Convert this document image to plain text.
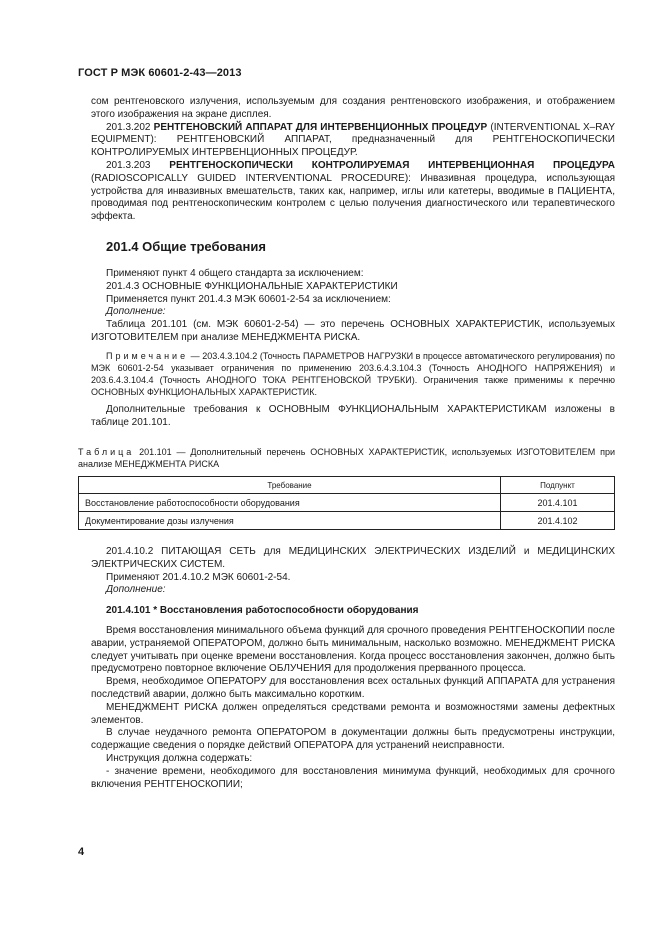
ГОСТ Р МЭК 60601-2-43—2013

сом рентгеновского излучения, используемым для создания рентгеновского изображения, и отображением этого изображения на экране дисплея.

201.3.202 РЕНТГЕНОВСКИЙ АППАРАТ ДЛЯ ИНТЕРВЕНЦИОННЫХ ПРОЦЕДУР (INTERVENTIONAL X–RAY EQUIPMENT): РЕНТГЕНОВСКИЙ АППАРАТ, предназначенный для РЕНТГЕНОСКОПИЧЕСКИ КОНТРОЛИРУЕМЫХ ИНТЕРВЕНЦИОННЫХ ПРОЦЕДУР.

201.3.203 РЕНТГЕНОСКОПИЧЕСКИ КОНТРОЛИРУЕМАЯ ИНТЕРВЕНЦИОННАЯ ПРОЦЕДУРА (RADIOSCOPICALLY GUIDED INTERVENTIONAL PROCEDURE): Инвазивная процедура, использующая устройства для инвазивных вмешательств, таких как, например, иглы или катетеры, вводимые в ПАЦИЕНТА, проводимая под рентгеноскопическим контролем с целью получения диагностического или терапевтического эффекта.

201.4 Общие требования

Применяют пункт 4 общего стандарта за исключением:

201.4.3 ОСНОВНЫЕ ФУНКЦИОНАЛЬНЫЕ ХАРАКТЕРИСТИКИ

Применяется пункт 201.4.3 МЭК 60601-2-54 за исключением:

Дополнение:

Таблица 201.101 (см. МЭК 60601-2-54) — это перечень ОСНОВНЫХ ХАРАКТЕРИСТИК, используемых ИЗГОТОВИТЕЛЕМ при анализе МЕНЕДЖМЕНТА РИСКА.

Примечание — 203.4.3.104.2 (Точность ПАРАМЕТРОВ НАГРУЗКИ в процессе автоматического регулирования) по МЭК 60601-2-54 указывает ограничения по применению 203.6.4.3.104.3 (Точность АНОДНОГО НАПРЯЖЕНИЯ) и 203.6.4.3.104.4 (Точность АНОДНОГО ТОКА РЕНТГЕНОВСКОЙ ТРУБКИ). Ограничения также применимы к перечню ОСНОВНЫХ ФУНКЦИОНАЛЬНЫХ ХАРАКТЕРИСТИК.

Дополнительные требования к ОСНОВНЫМ ФУНКЦИОНАЛЬНЫМ ХАРАКТЕРИСТИКАМ изложены в таблице 201.101.

Таблица 201.101 — Дополнительный перечень ОСНОВНЫХ ХАРАКТЕРИСТИК, используемых ИЗГОТОВИТЕЛЕМ при анализе МЕНЕДЖМЕНТА РИСКА
Требование	Подпункт
Восстановление работоспособности оборудования	201.4.101
Документирование дозы излучения	201.4.102

201.4.10.2 ПИТАЮЩАЯ СЕТЬ для МЕДИЦИНСКИХ ЭЛЕКТРИЧЕСКИХ ИЗДЕЛИЙ и МЕДИЦИНСКИХ ЭЛЕКТРИЧЕСКИХ СИСТЕМ.

Применяют 201.4.10.2 МЭК 60601-2-54.

Дополнение:

201.4.101 * Восстановления работоспособности оборудования

Время восстановления минимального объема функций для срочного проведения РЕНТГЕНОСКОПИИ после аварии, устраняемой ОПЕРАТОРОМ, должно быть минимальным, насколько возможно. МЕНЕДЖМЕНТ РИСКА следует учитывать при оценке времени восстановления. Когда процесс восстановления закончен, должно быть предусмотрено повторное включение ОБЛУЧЕНИЯ для продолжения прерванного процесса.

Время, необходимое ОПЕРАТОРУ для восстановления всех остальных функций АППАРАТА для устранения последствий аварии, должно быть максимально коротким.

МЕНЕДЖМЕНТ РИСКА должен определяться средствами ремонта и возможностями замены дефектных элементов.

В случае неудачного ремонта ОПЕРАТОРОМ в документации должны быть предусмотрены инструкции, содержащие сведения о порядке действий ОПЕРАТОРА для устранений неисправности.

Инструкция должна содержать:

- значение времени, необходимого для восстановления минимума функций, необходимых для срочного включения РЕНТГЕНОСКОПИИ;

4
